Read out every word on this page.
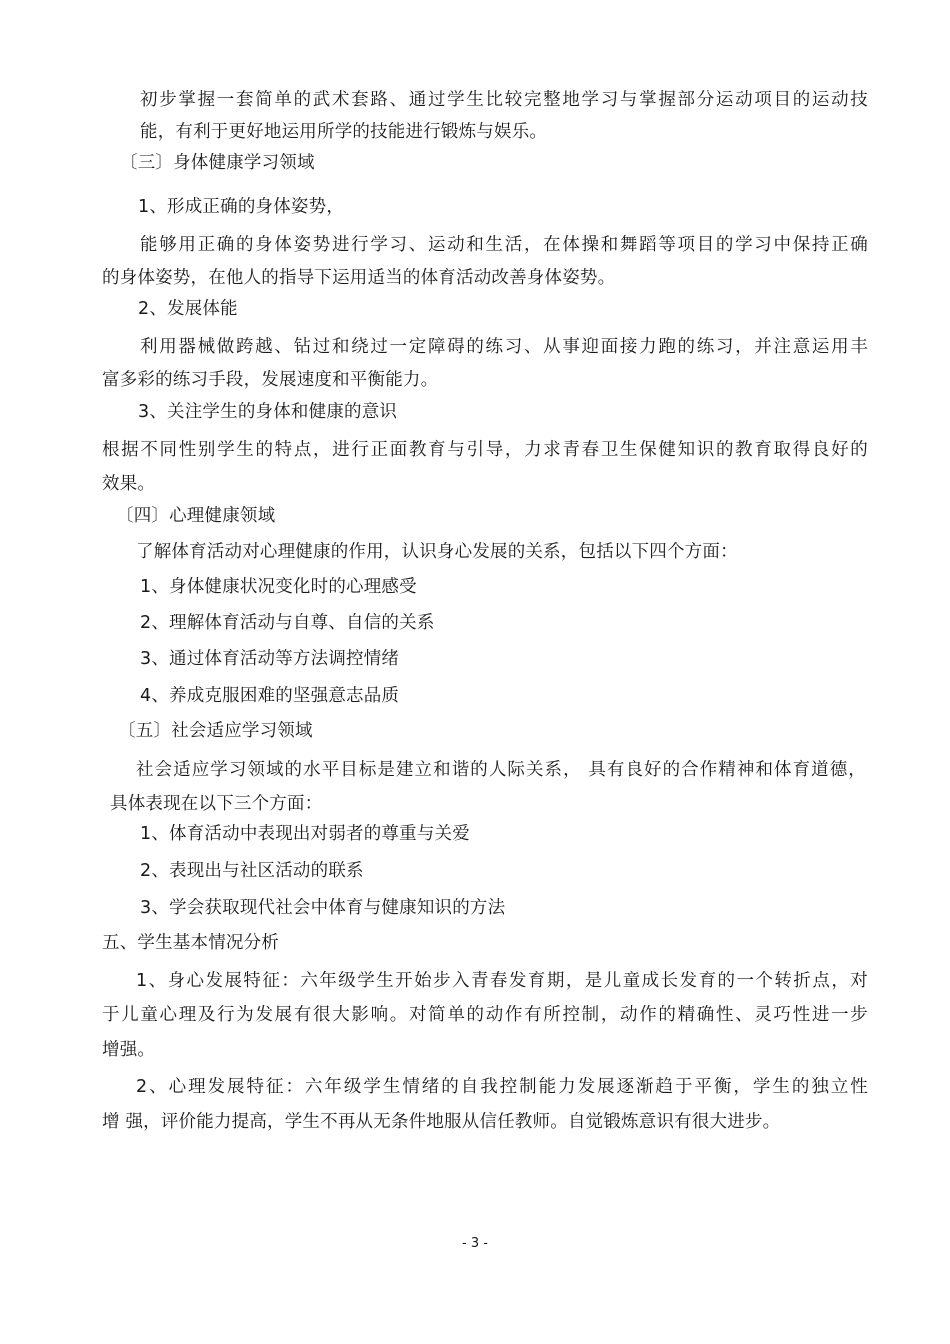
初步掌握一套简单的武术套路、通过学生比较完整地学习与掌握部分运动项目的运动技
能，有利于更好地运用所学的技能进行锻炼与娱乐。
〔三〕身体健康学习领域
1、形成正确的身体姿势，
能够用正确的身体姿势进行学习、运动和生活，在体操和舞蹈等项目的学习中保持正确
的身体姿势，在他人的指导下运用适当的体育活动改善身体姿势。
2、发展体能
利用器械做跨越、钻过和绕过一定障碍的练习、从事迎面接力跑的练习，并注意运用丰
富多彩的练习手段，发展速度和平衡能力。
3、关注学生的身体和健康的意识
根据不同性别学生的特点，进行正面教育与引导，力求青春卫生保健知识的教育取得良好的
效果。
〔四〕心理健康领域
了解体育活动对心理健康的作用，认识身心发展的关系，包括以下四个方面：
1、身体健康状况变化时的心理感受
2、理解体育活动与自尊、自信的关系
3、通过体育活动等方法调控情绪
4、养成克服困难的坚强意志品质
〔五〕社会适应学习领域
社会适应学习领域的水平目标是建立和谐的人际关系， 具有良好的合作精神和体育道德，
具体表现在以下三个方面：
1、体育活动中表现出对弱者的尊重与关爱
2、表现出与社区活动的联系
3、学会获取现代社会中体育与健康知识的方法
五、学生基本情况分析
1、身心发展特征：六年级学生开始步入青春发育期，是儿童成长发育的一个转折点，对
于儿童心理及行为发展有很大影响。对简单的动作有所控制，动作的精确性、灵巧性进一步
增强。
2、心理发展特征：六年级学生情绪的自我控制能力发展逐渐趋于平衡，学生的独立性
增 强，评价能力提高，学生不再从无条件地服从信任教师。自觉锻炼意识有很大进步。
- 3 -
